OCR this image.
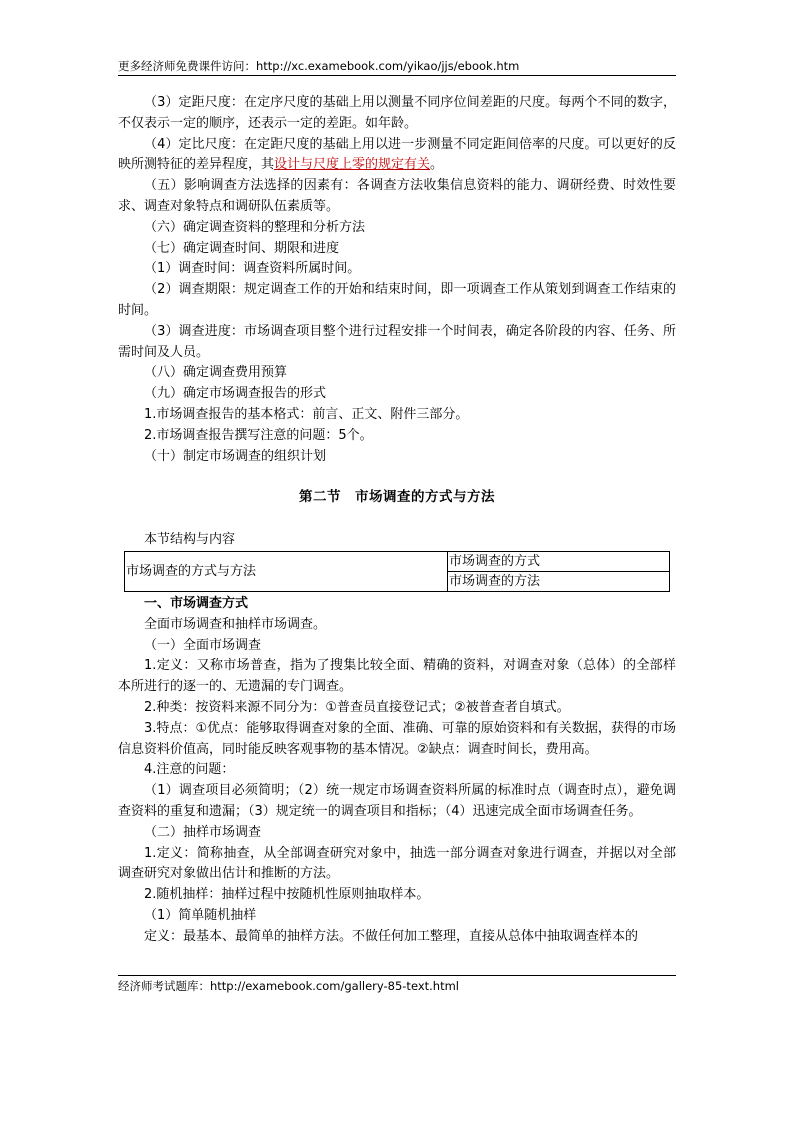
更多经济师免费课件访问：http://xc.examebook.com/yikao/jjs/ebook.htm

（3）定距尺度：在定序尺度的基础上用以测量不同序位间差距的尺度。每两个不同的数字，不仅表示一定的顺序，还表示一定的差距。如年龄。

（4）定比尺度：在定距尺度的基础上用以进一步测量不同定距间倍率的尺度。可以更好的反映所测特征的差异程度，其设计与尺度上零的规定有关。

（五）影响调查方法选择的因素有：各调查方法收集信息资料的能力、调研经费、时效性要求、调查对象特点和调研队伍素质等。

（六）确定调查资料的整理和分析方法

（七）确定调查时间、期限和进度

（1）调查时间：调查资料所属时间。

（2）调查期限：规定调查工作的开始和结束时间，即一项调查工作从策划到调查工作结束的时间。

（3）调查进度：市场调查项目整个进行过程安排一个时间表，确定各阶段的内容、任务、所需时间及人员。

（八）确定调查费用预算

（九）确定市场调查报告的形式

1.市场调查报告的基本格式：前言、正文、附件三部分。

2.市场调查报告撰写注意的问题：5个。

（十）制定市场调查的组织计划

第二节　市场调查的方式与方法

本节结构与内容

市场调查的方式与方法	市场调查的方式
市场调查的方法

一、市场调查方式

全面市场调查和抽样市场调查。

（一）全面市场调查

1.定义：又称市场普查，指为了搜集比较全面、精确的资料，对调查对象（总体）的全部样本所进行的逐一的、无遗漏的专门调查。

2.种类：按资料来源不同分为：①普查员直接登记式；②被普查者自填式。

3.特点：①优点：能够取得调查对象的全面、准确、可靠的原始资料和有关数据，获得的市场信息资料价值高，同时能反映客观事物的基本情况。②缺点：调查时间长，费用高。

4.注意的问题：

（1）调查项目必须简明；（2）统一规定市场调查资料所属的标准时点（调查时点），避免调查资料的重复和遗漏；（3）规定统一的调查项目和指标；（4）迅速完成全面市场调查任务。

（二）抽样市场调查

1.定义：简称抽查，从全部调查研究对象中，抽选一部分调查对象进行调查，并据以对全部调查研究对象做出估计和推断的方法。

2.随机抽样：抽样过程中按随机性原则抽取样本。

（1）简单随机抽样

定义：最基本、最简单的抽样方法。不做任何加工整理，直接从总体中抽取调查样本的

经济师考试题库：http://examebook.com/gallery-85-text.html
